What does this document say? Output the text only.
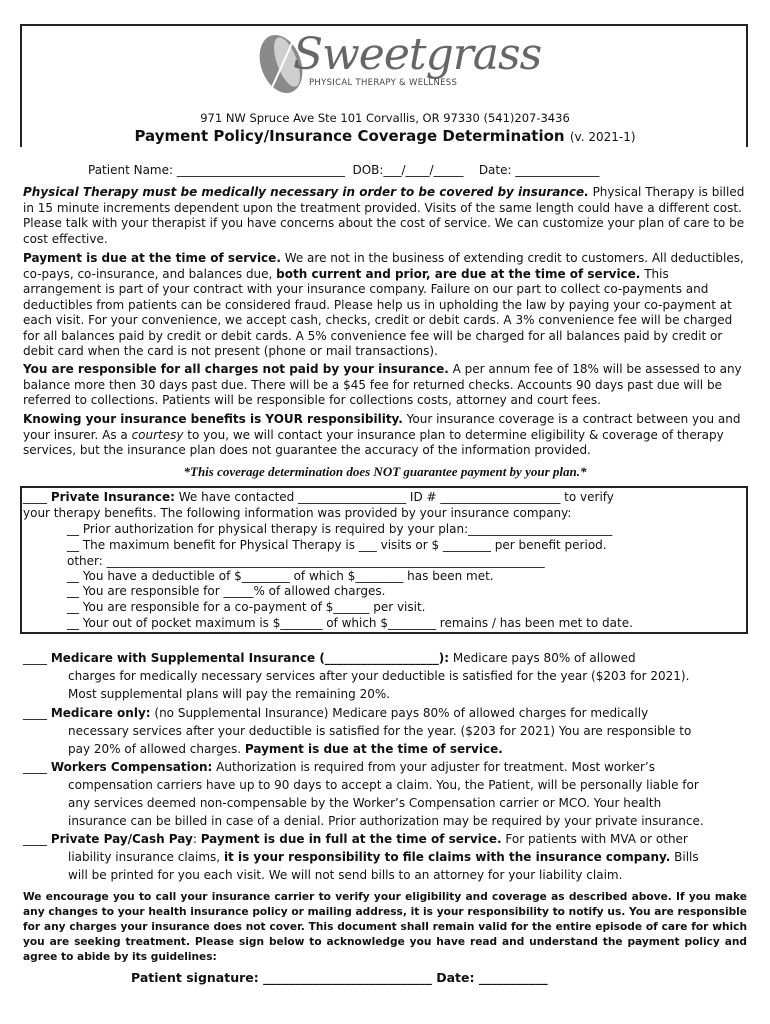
Sweetgrass
PHYSICAL THERAPY & WELLNESS
971 NW Spruce Ave Ste 101 Corvallis, OR 97330 (541)207-3436
Payment Policy/Insurance Coverage Determination (v. 2021-1)
Patient Name: ____________________________ DOB:___/____/_____ Date: ______________
Physical Therapy must be medically necessary in order to be covered by insurance. Physical Therapy is billed in 15 minute increments dependent upon the treatment provided. Visits of the same length could have a different cost. Please talk with your therapist if you have concerns about the cost of service. We can customize your plan of care to be cost effective.
Payment is due at the time of service. We are not in the business of extending credit to customers. All deductibles, co-pays, co-insurance, and balances due, both current and prior, are due at the time of service. This arrangement is part of your contract with your insurance company. Failure on our part to collect co-payments and deductibles from patients can be considered fraud. Please help us in upholding the law by paying your co-payment at each visit. For your convenience, we accept cash, checks, credit or debit cards. A 3% convenience fee will be charged for all balances paid by credit or debit cards. A 5% convenience fee will be charged for all balances paid by credit or debit card when the card is not present (phone or mail transactions).
You are responsible for all charges not paid by your insurance. A per annum fee of 18% will be assessed to any balance more then 30 days past due. There will be a $45 fee for returned checks. Accounts 90 days past due will be referred to collections. Patients will be responsible for collections costs, attorney and court fees.
Knowing your insurance benefits is YOUR responsibility. Your insurance coverage is a contract between you and your insurer. As a courtesy to you, we will contact your insurance plan to determine eligibility & coverage of therapy services, but the insurance plan does not guarantee the accuracy of the information provided.
*This coverage determination does NOT guarantee payment by your plan.*
____ Private Insurance: We have contacted __________________ ID # ____________________ to verify
your therapy benefits. The following information was provided by your insurance company:
__ Prior authorization for physical therapy is required by your plan:________________________
__ The maximum benefit for Physical Therapy is ___ visits or $ ________ per benefit period.
other: _________________________________________________________________________
__ You have a deductible of $________ of which $________ has been met.
__ You are responsible for _____% of allowed charges.
__ You are responsible for a co-payment of $______ per visit.
__ Your out of pocket maximum is $_______ of which $________ remains / has been met to date.
____ Medicare with Supplemental Insurance (___________________): Medicare pays 80% of allowed
charges for medically necessary services after your deductible is satisfied for the year ($203 for 2021).
Most supplemental plans will pay the remaining 20%.
____ Medicare only: (no Supplemental Insurance) Medicare pays 80% of allowed charges for medically
necessary services after your deductible is satisfied for the year. ($203 for 2021) You are responsible to
pay 20% of allowed charges. Payment is due at the time of service.
____ Workers Compensation: Authorization is required from your adjuster for treatment. Most worker’s
compensation carriers have up to 90 days to accept a claim. You, the Patient, will be personally liable for
any services deemed non-compensable by the Worker’s Compensation carrier or MCO. Your health
insurance can be billed in case of a denial. Prior authorization may be required by your private insurance.
____ Private Pay/Cash Pay: Payment is due in full at the time of service. For patients with MVA or other
liability insurance claims, it is your responsibility to file claims with the insurance company. Bills
will be printed for you each visit. We will not send bills to an attorney for your liability claim.
We encourage you to call your insurance carrier to verify your eligibility and coverage as described above. If you make any changes to your health insurance policy or mailing address, it is your responsibility to notify us. You are responsible for any charges your insurance does not cover. This document shall remain valid for the entire episode of care for which you are seeking treatment. Please sign below to acknowledge you have read and understand the payment policy and agree to abide by its guidelines:
Patient signature: ___________________________ Date: ___________
